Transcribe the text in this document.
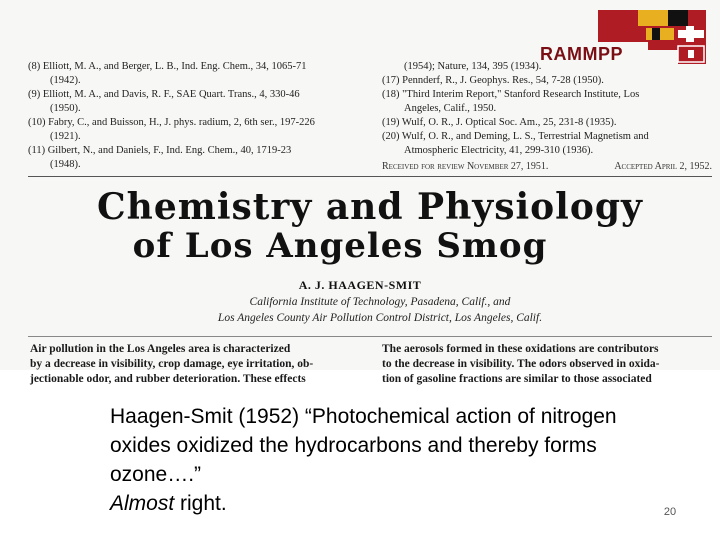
(8) Elliott, M. A., and Berger, L. B., Ind. Eng. Chem., 34, 1065-71
(1942).
(9) Elliott, M. A., and Davis, R. F., SAE Quart. Trans., 4, 330-46
(1950).
(10) Fabry, C., and Buisson, H., J. phys. radium, 2, 6th ser., 197-226
(1921).
(11) Gilbert, N., and Daniels, F., Ind. Eng. Chem., 40, 1719-23
(1948).
(1954); Nature, 134, 395 (1934).
(17) Pennderf, R., J. Geophys. Res., 54, 7-28 (1950).
(18) "Third Interim Report," Stanford Research Institute, Los
Angeles, Calif., 1950.
(19) Wulf, O. R., J. Optical Soc. Am., 25, 231-8 (1935).
(20) Wulf, O. R., and Deming, L. S., Terrestrial Magnetism and
Atmospheric Electricity, 41, 299-310 (1936).
Received for review November 27, 1951.	Accepted April 2, 1952.
RAMMPP
Chemistry and Physiology
of Los Angeles Smog
A. J. HAAGEN-SMIT
California Institute of Technology, Pasadena, Calif., and
Los Angeles County Air Pollution Control District, Los Angeles, Calif.
Air pollution in the Los Angeles area is characterized
by a decrease in visibility, crop damage, eye irritation, ob-
jectionable odor, and rubber deterioration. These effects
The aerosols formed in these oxidations are contributors
to the decrease in visibility. The odors observed in oxida-
tion of gasoline fractions are similar to those associated
Haagen-Smit (1952) “Photochemical action of nitrogen
oxides oxidized the hydrocarbons and thereby forms
ozone….”
Almost right.	20
